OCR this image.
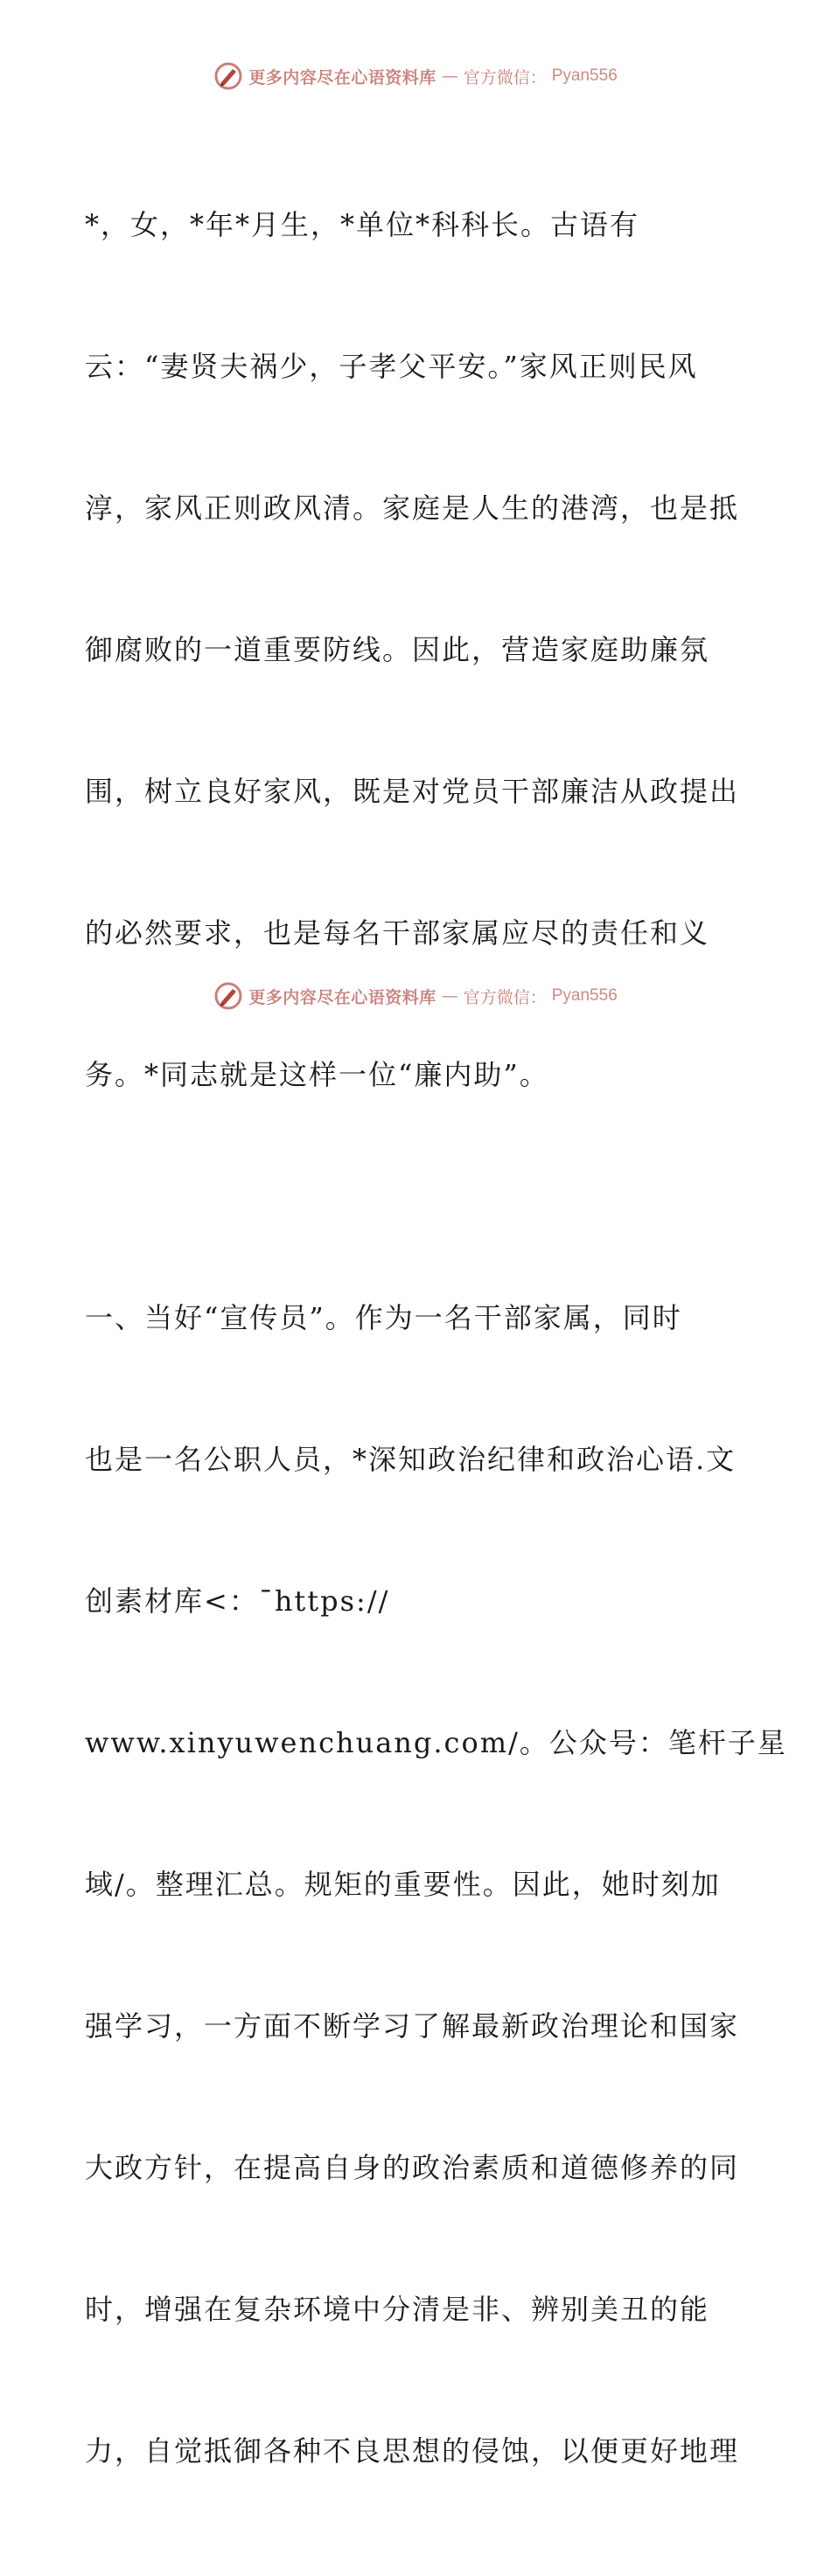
更多内容尽在心语资料库 — 官方微信： Pyan556

*，女，*年*月生，*单位*科科长。古语有

云：“妻贤夫祸少，子孝父平安。”家风正则民风

淳，家风正则政风清。家庭是人生的港湾，也是抵

御腐败的一道重要防线。因此，营造家庭助廉氛

围，树立良好家风，既是对党员干部廉洁从政提出

的必然要求，也是每名干部家属应尽的责任和义

务。*同志就是这样一位“廉内助”。

一、当好“宣传员”。作为一名干部家属，同时

也是一名公职人员，*深知政治纪律和政治心语.文

创素材库<：¯https://

www.xinyuwenchuang.com/。公众号：笔杆子星

域/。整理汇总。规矩的重要性。因此，她时刻加

强学习，一方面不断学习了解最新政治理论和国家

大政方针，在提高自身的政治素质和道德修养的同

时，增强在复杂环境中分清是非、辨别美丑的能

力，自觉抵御各种不良思想的侵蚀，以便更好地理

更多内容尽在心语资料库 — 官方微信： Pyan556
